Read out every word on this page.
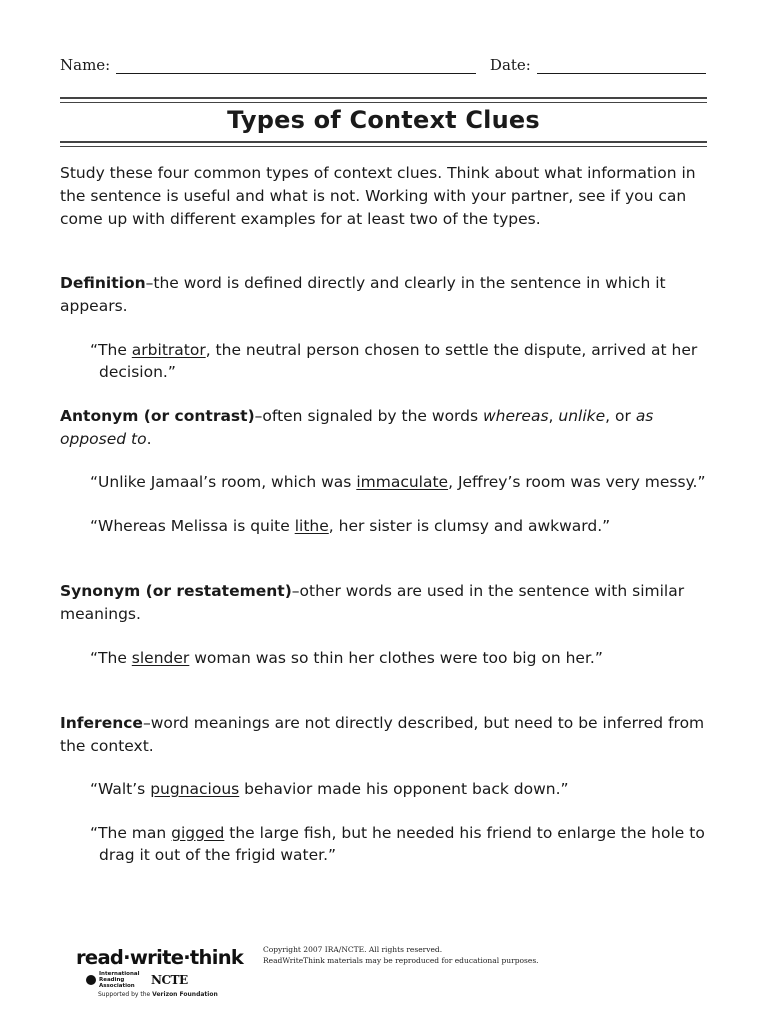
Name:	Date:
Types of Context Clues
Study these four common types of context clues. Think about what information in the sentence is useful and what is not. Working with your partner, see if you can come up with different examples for at least two of the types.
Definition–the word is defined directly and clearly in the sentence in which it appears.
“The arbitrator, the neutral person chosen to settle the dispute, arrived at her decision.”
Antonym (or contrast)–often signaled by the words whereas, unlike, or as opposed to.
“Unlike Jamaal’s room, which was immaculate, Jeffrey’s room was very messy.”
“Whereas Melissa is quite lithe, her sister is clumsy and awkward.”
Synonym (or restatement)–other words are used in the sentence with similar meanings.
“The slender woman was so thin her clothes were too big on her.”
Inference–word meanings are not directly described, but need to be inferred from the context.
“Walt’s pugnacious behavior made his opponent back down.”
“The man gigged the large fish, but he needed his friend to enlarge the hole to drag it out of the frigid water.”
read·write·think
International Reading Association	NCTE
Supported by the Verizon Foundation
Copyright 2007 IRA/NCTE. All rights reserved.
ReadWriteThink materials may be reproduced for educational purposes.
